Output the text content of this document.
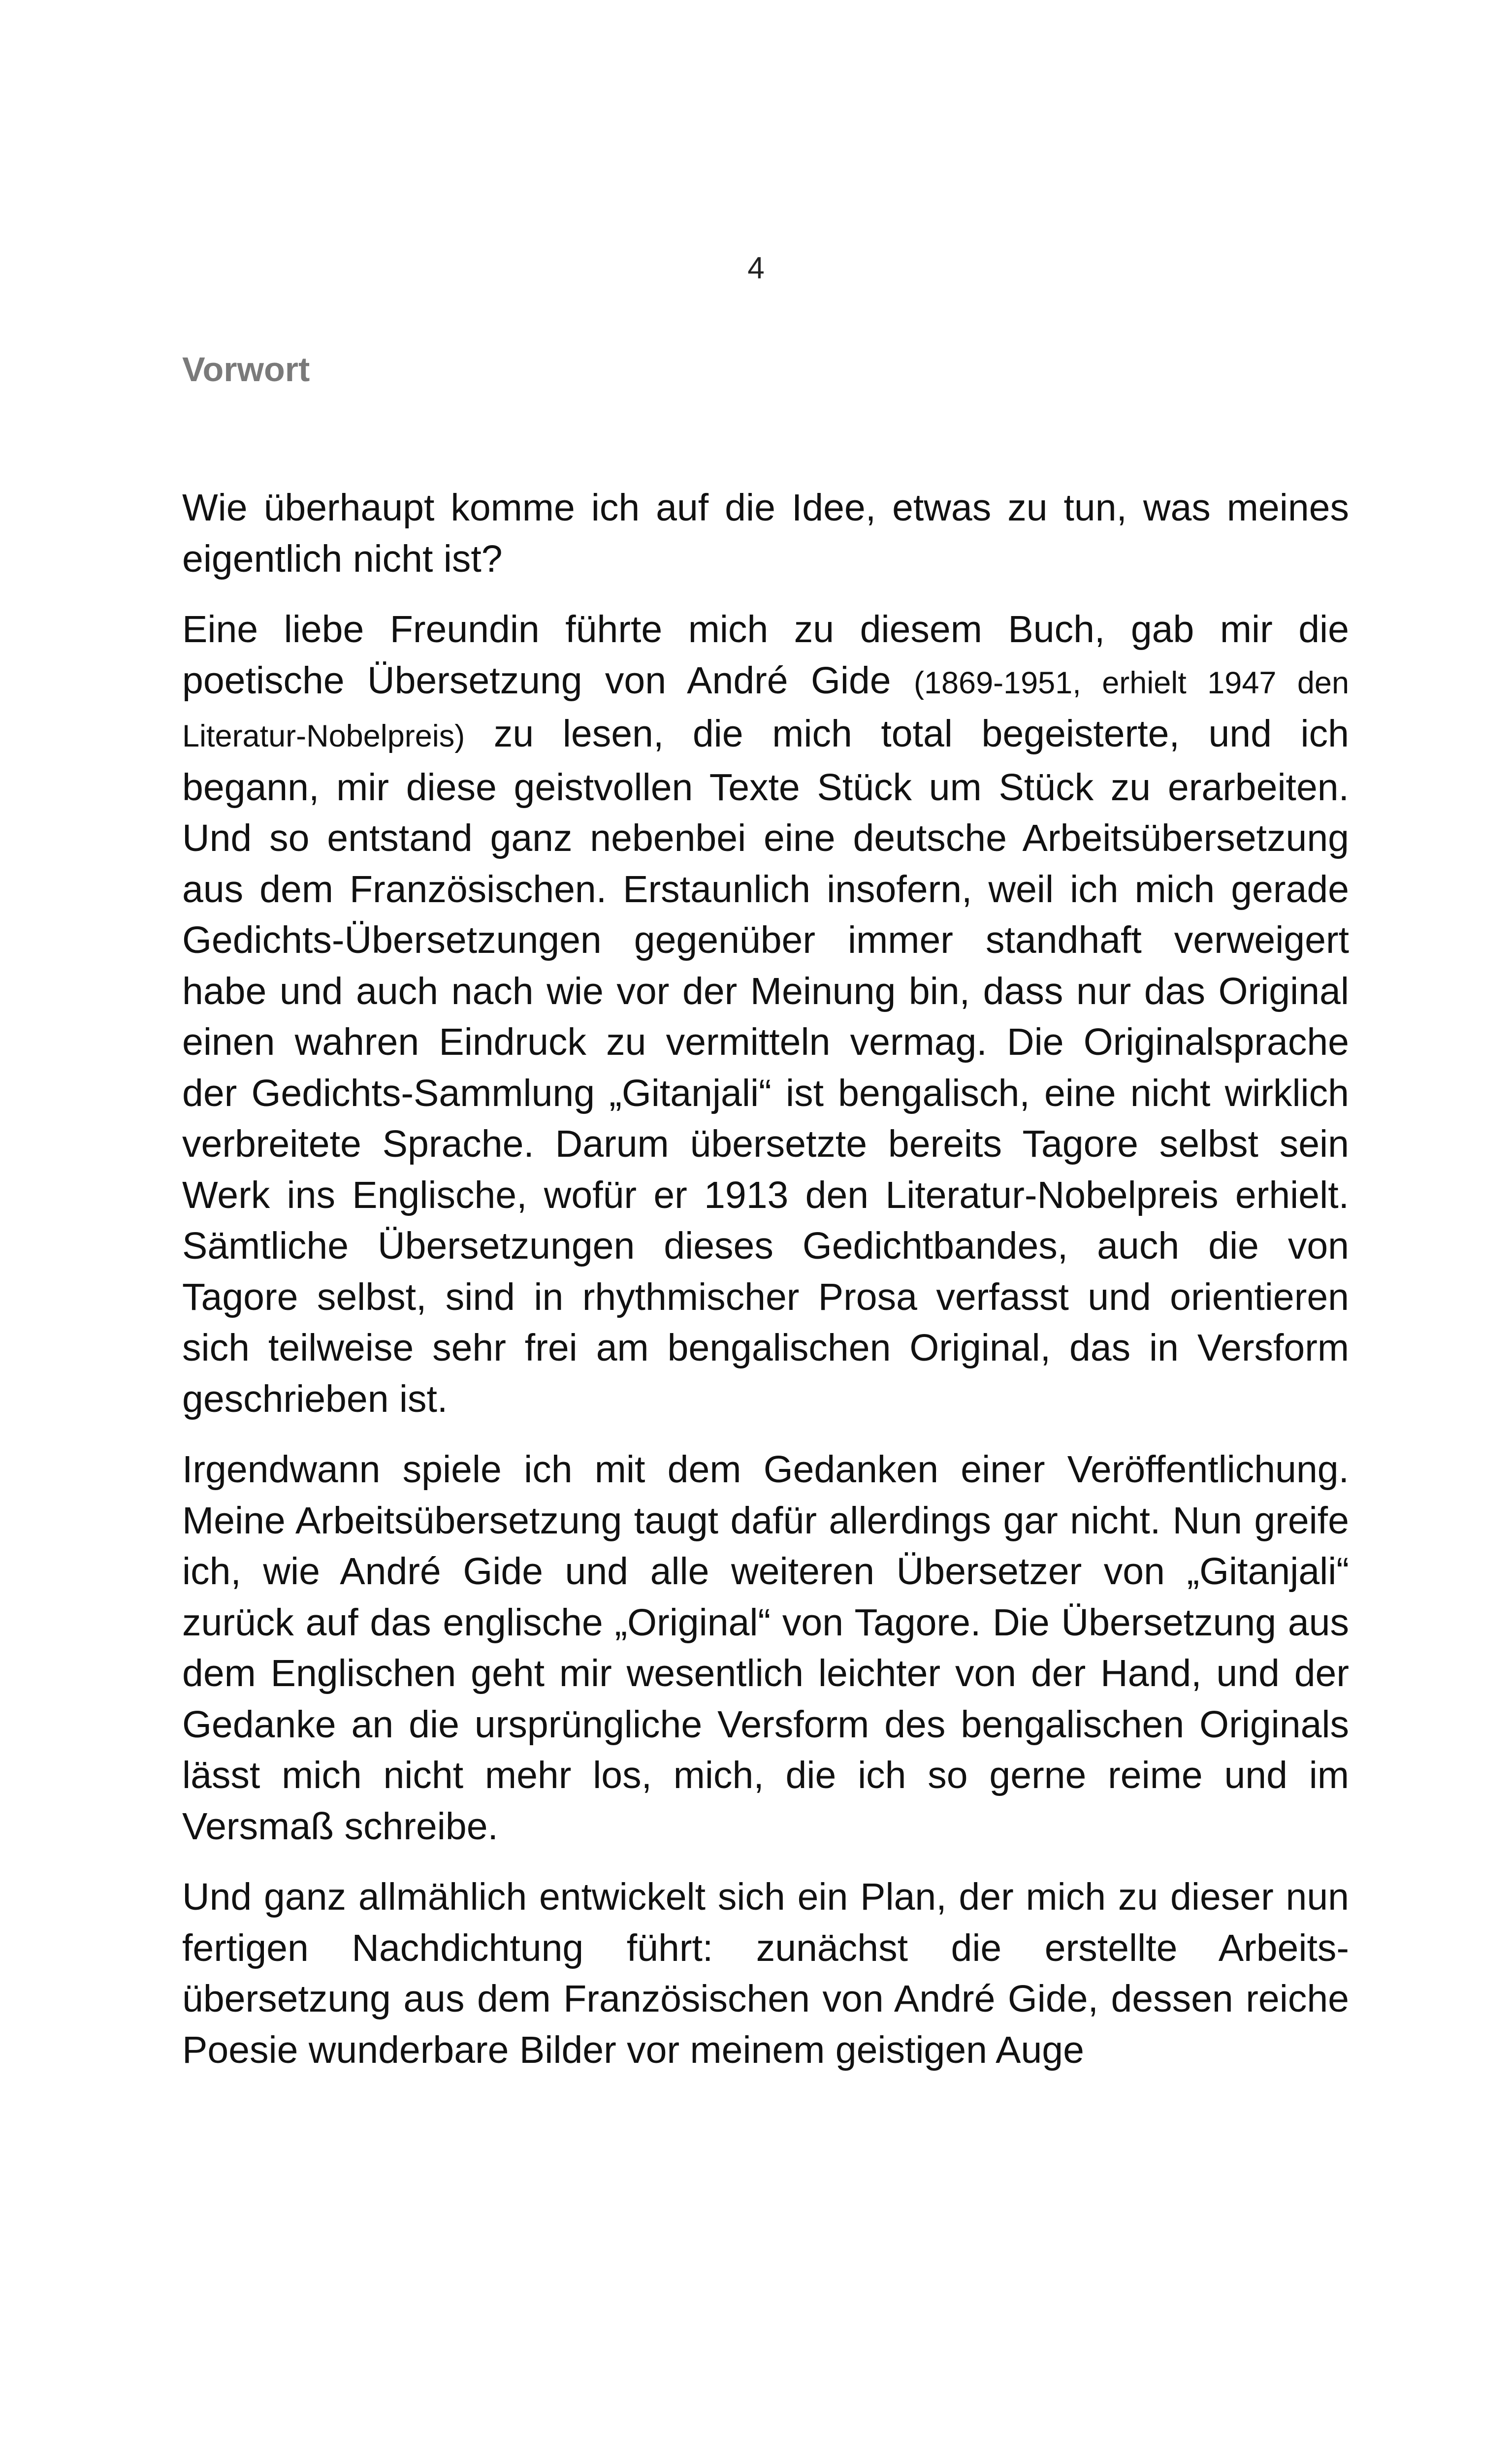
4
Vorwort

Wie überhaupt komme ich auf die Idee, etwas zu tun, was meines eigentlich nicht ist?

Eine liebe Freundin führte mich zu diesem Buch, gab mir die poetische Übersetzung von André Gide (1869-1951, erhielt 1947 den Literatur-Nobelpreis) zu lesen, die mich total begeisterte, und ich begann, mir diese geistvollen Texte Stück um Stück zu erarbeiten. Und so entstand ganz nebenbei eine deutsche Arbeitsübersetzung aus dem Französischen. Erstaunlich insofern, weil ich mich gerade Gedichts-Übersetzungen gegenüber immer standhaft verweigert habe und auch nach wie vor der Meinung bin, dass nur das Original einen wahren Eindruck zu vermitteln vermag. Die Originalsprache der Gedichts-Sammlung „Gitanjali“ ist bengalisch, eine nicht wirklich verbreitete Sprache. Darum übersetzte bereits Tagore selbst sein Werk ins Englische, wofür er 1913 den Literatur-Nobelpreis erhielt. Sämtliche Übersetzungen dieses Gedichtbandes, auch die von Tagore selbst, sind in rhythmischer Prosa verfasst und orientieren sich teilweise sehr frei am bengalischen Original, das in Versform geschrieben ist.

Irgendwann spiele ich mit dem Gedanken einer Veröffentlichung. Meine Arbeitsübersetzung taugt dafür allerdings gar nicht. Nun greife ich, wie André Gide und alle weiteren Übersetzer von „Gitanjali“ zurück auf das englische „Original“ von Tagore. Die Übersetzung aus dem Englischen geht mir wesentlich leichter von der Hand, und der Gedanke an die ursprüngliche Versform des bengalischen Originals lässt mich nicht mehr los, mich, die ich so gerne reime und im Versmaß schreibe.

Und ganz allmählich entwickelt sich ein Plan, der mich zu dieser nun fertigen Nachdichtung führt: zunächst die erstellte Arbeitsübersetzung aus dem Französischen von André Gide, dessen reiche Poesie wunderbare Bilder vor meinem geistigen Auge
